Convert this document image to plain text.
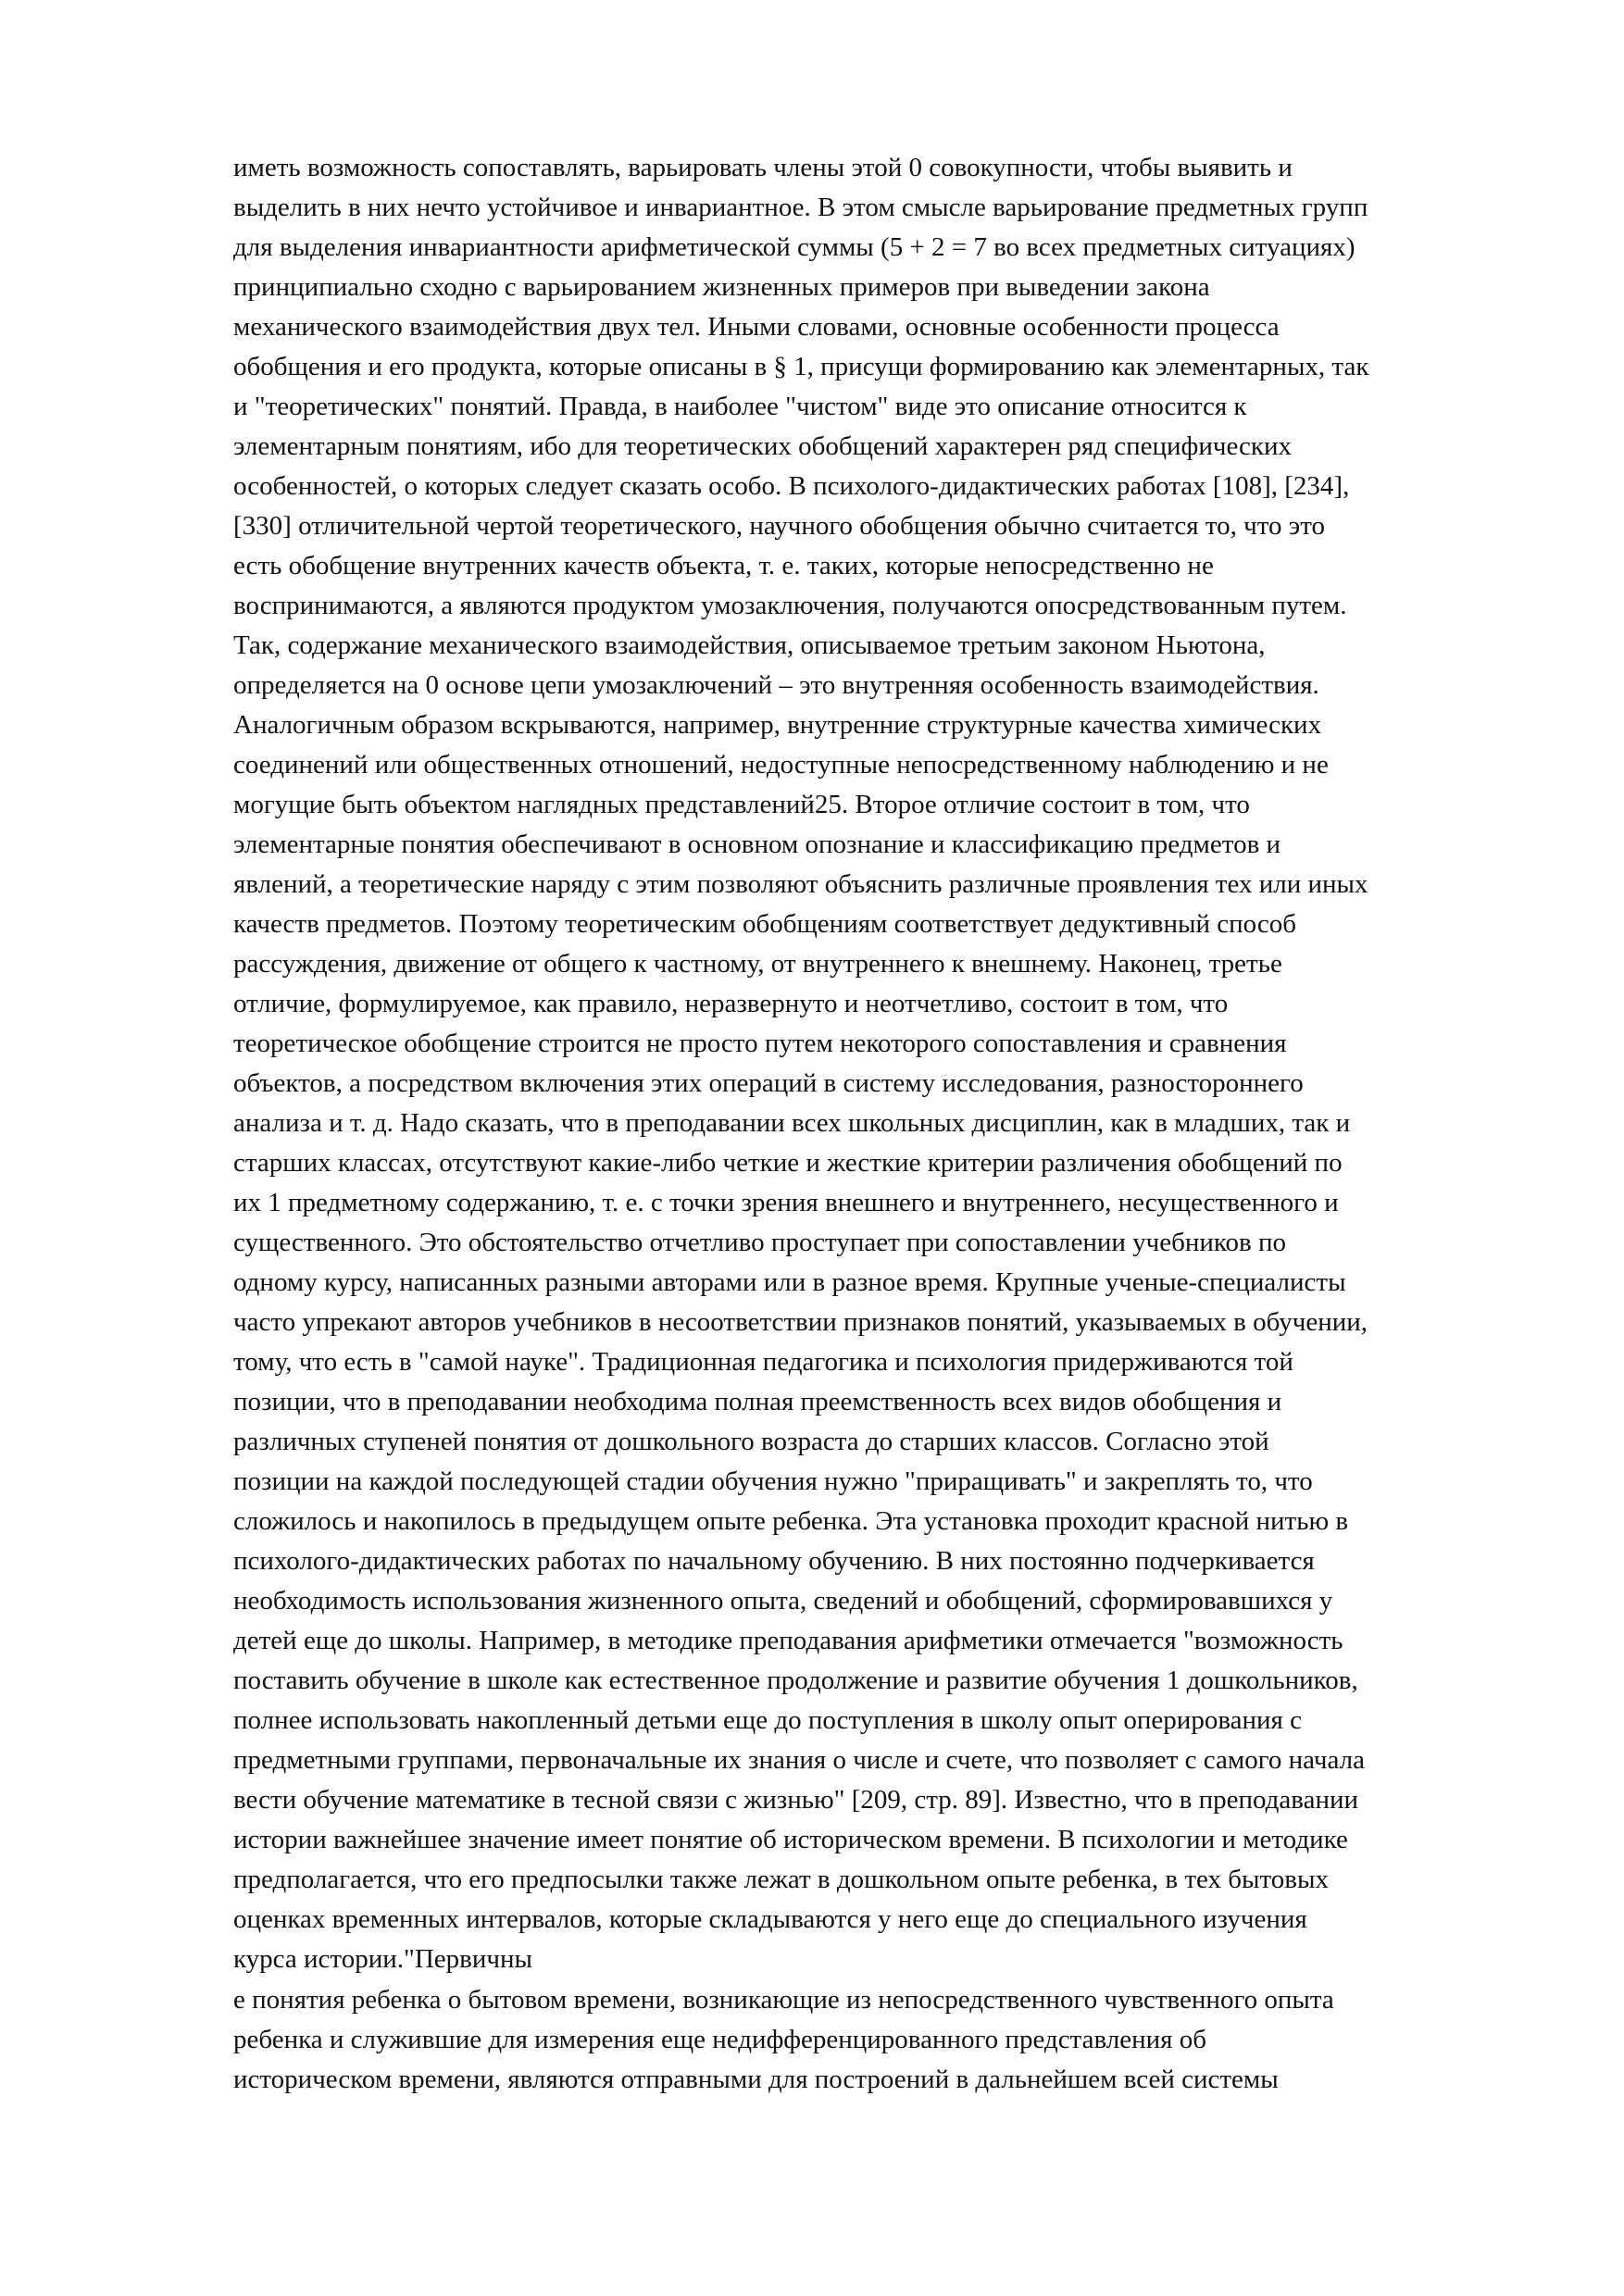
иметь возможность сопоставлять, варьировать члены этой 0 совокупности, чтобы выявить и
выделить в них нечто устойчивое и инвариантное. В этом смысле варьирование предметных групп
для выделения инвариантности арифметической суммы (5 + 2 = 7 во всех предметных ситуациях)
принципиально сходно с варьированием жизненных примеров при выведении закона
механического взаимодействия двух тел. Иными словами, основные особенности процесса
обобщения и его продукта, которые описаны в § 1, присущи формированию как элементарных, так
и "теоретических" понятий. Правда, в наиболее "чистом" виде это описание относится к
элементарным понятиям, ибо для теоретических обобщений характерен ряд специфических
особенностей, о которых следует сказать особо. В психолого-дидактических работах [108], [234],
[330] отличительной чертой теоретического, научного обобщения обычно считается то, что это
есть обобщение внутренних качеств объекта, т. е. таких, которые непосредственно не
воспринимаются, а являются продуктом умозаключения, получаются опосредствованным путем.
Так, содержание механического взаимодействия, описываемое третьим законом Ньютона,
определяется на 0 основе цепи умозаключений – это внутренняя особенность взаимодействия.
Аналогичным образом вскрываются, например, внутренние структурные качества химических
соединений или общественных отношений, недоступные непосредственному наблюдению и не
могущие быть объектом наглядных представлений25. Второе отличие состоит в том, что
элементарные понятия обеспечивают в основном опознание и классификацию предметов и
явлений, а теоретические наряду с этим позволяют объяснить различные проявления тех или иных
качеств предметов. Поэтому теоретическим обобщениям соответствует дедуктивный способ
рассуждения, движение от общего к частному, от внутреннего к внешнему. Наконец, третье
отличие, формулируемое, как правило, неразвернуто и неотчетливо, состоит в том, что
теоретическое обобщение строится не просто путем некоторого сопоставления и сравнения
объектов, а посредством включения этих операций в систему исследования, разностороннего
анализа и т. д. Надо сказать, что в преподавании всех школьных дисциплин, как в младших, так и
старших классах, отсутствуют какие-либо четкие и жесткие критерии различения обобщений по
их 1 предметному содержанию, т. е. с точки зрения внешнего и внутреннего, несущественного и
существенного. Это обстоятельство отчетливо проступает при сопоставлении учебников по
одному курсу, написанных разными авторами или в разное время. Крупные ученые-специалисты
часто упрекают авторов учебников в несоответствии признаков понятий, указываемых в обучении,
тому, что есть в "самой науке". Традиционная педагогика и психология придерживаются той
позиции, что в преподавании необходима полная преемственность всех видов обобщения и
различных ступеней понятия от дошкольного возраста до старших классов. Согласно этой
позиции на каждой последующей стадии обучения нужно "приращивать" и закреплять то, что
сложилось и накопилось в предыдущем опыте ребенка. Эта установка проходит красной нитью в
психолого-дидактических работах по начальному обучению. В них постоянно подчеркивается
необходимость использования жизненного опыта, сведений и обобщений, сформировавшихся у
детей еще до школы. Например, в методике преподавания арифметики отмечается "возможность
поставить обучение в школе как естественное продолжение и развитие обучения 1 дошкольников,
полнее использовать накопленный детьми еще до поступления в школу опыт оперирования с
предметными группами, первоначальные их знания о числе и счете, что позволяет с самого начала
вести обучение математике в тесной связи с жизнью" [209, стр. 89]. Известно, что в преподавании
истории важнейшее значение имеет понятие об историческом времени. В психологии и методике
предполагается, что его предпосылки также лежат в дошкольном опыте ребенка, в тех бытовых
оценках временных интервалов, которые складываются у него еще до специального изучения
курса истории."Первичны
е понятия ребенка о бытовом времени, возникающие из непосредственного чувственного опыта
ребенка и служившие для измерения еще недифференцированного представления об
историческом времени, являются отправными для построений в дальнейшем всей системы
